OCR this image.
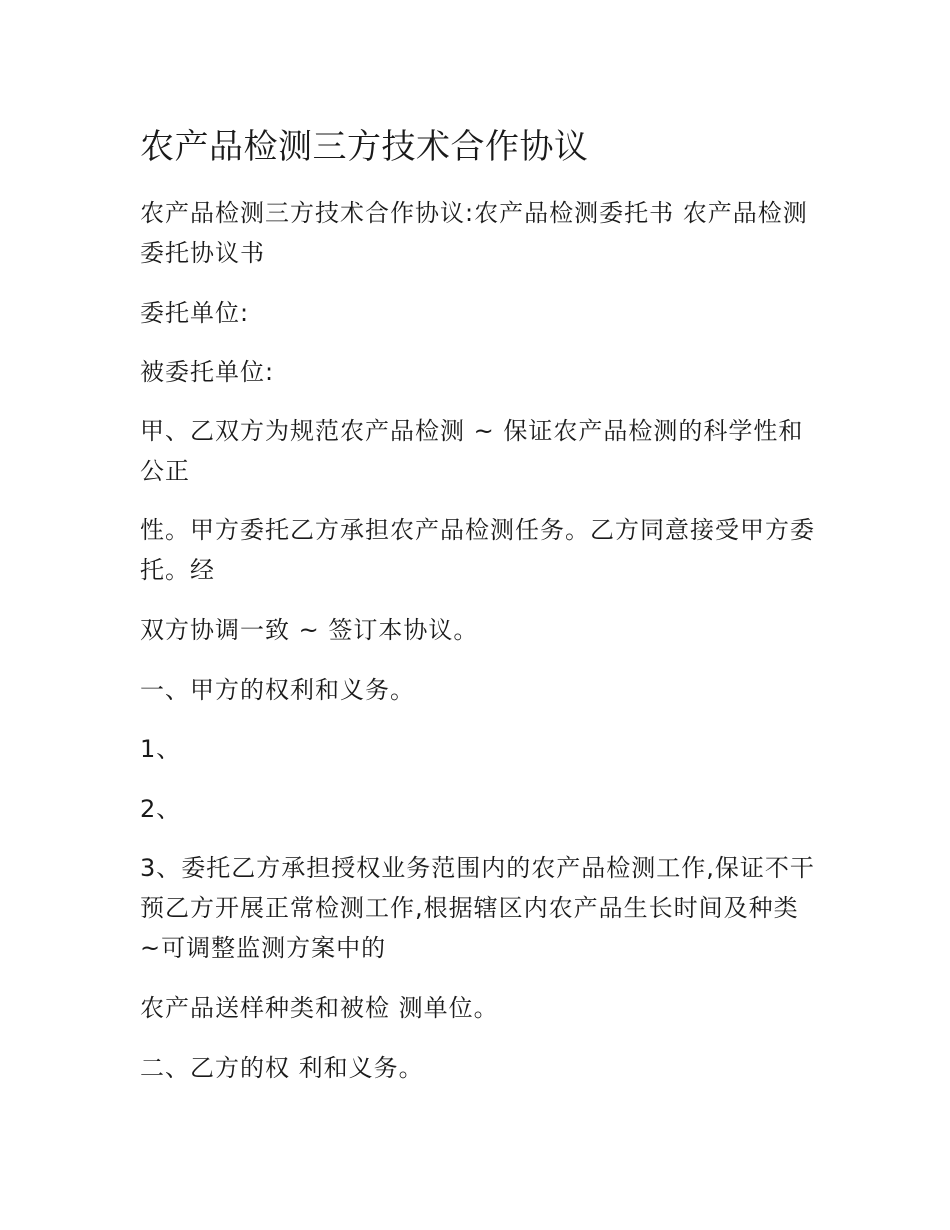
农产品检测三方技术合作协议

农产品检测三方技术合作协议:农产品检测委托书 农产品检测委托协议书

委托单位:

被委托单位:

甲、乙双方为规范农产品检测 ~ 保证农产品检测的科学性和公正

性。甲方委托乙方承担农产品检测任务。乙方同意接受甲方委托。经

双方协调一致 ~ 签订本协议。

一、甲方的权利和义务。

1、

2、

3、委托乙方承担授权业务范围内的农产品检测工作,保证不干预乙方开展正常检测工作,根据辖区内农产品生长时间及种类 ~可调整监测方案中的

农产品送样种类和被检 测单位。

二、乙方的权 利和义务。
